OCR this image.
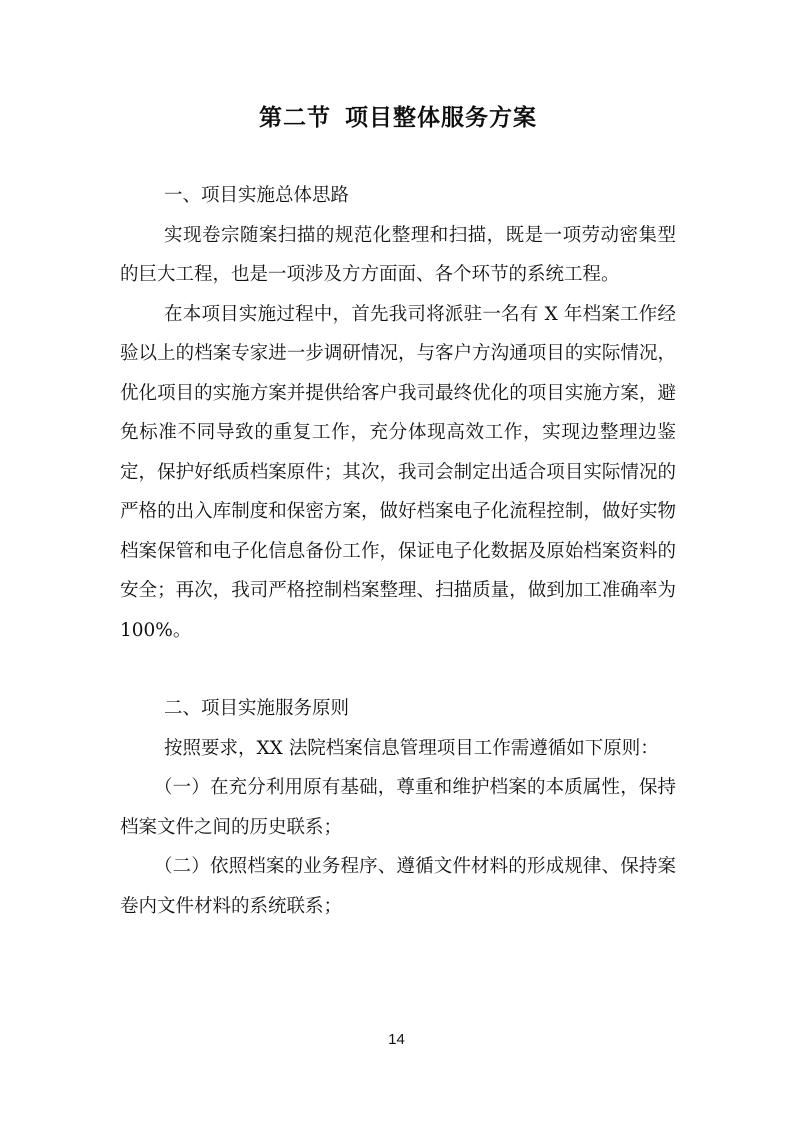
第二节 项目整体服务方案

一、项目实施总体思路

实现卷宗随案扫描的规范化整理和扫描，既是一项劳动密集型的巨大工程，也是一项涉及方方面面、各个环节的系统工程。

在本项目实施过程中，首先我司将派驻一名有 X 年档案工作经验以上的档案专家进一步调研情况，与客户方沟通项目的实际情况，优化项目的实施方案并提供给客户我司最终优化的项目实施方案，避免标准不同导致的重复工作，充分体现高效工作，实现边整理边鉴定，保护好纸质档案原件；其次，我司会制定出适合项目实际情况的严格的出入库制度和保密方案，做好档案电子化流程控制，做好实物档案保管和电子化信息备份工作，保证电子化数据及原始档案资料的安全；再次，我司严格控制档案整理、扫描质量，做到加工准确率为 100%。

二、项目实施服务原则

按照要求，XX 法院档案信息管理项目工作需遵循如下原则：

（一）在充分利用原有基础，尊重和维护档案的本质属性，保持档案文件之间的历史联系；

（二）依照档案的业务程序、遵循文件材料的形成规律、保持案卷内文件材料的系统联系；

14
